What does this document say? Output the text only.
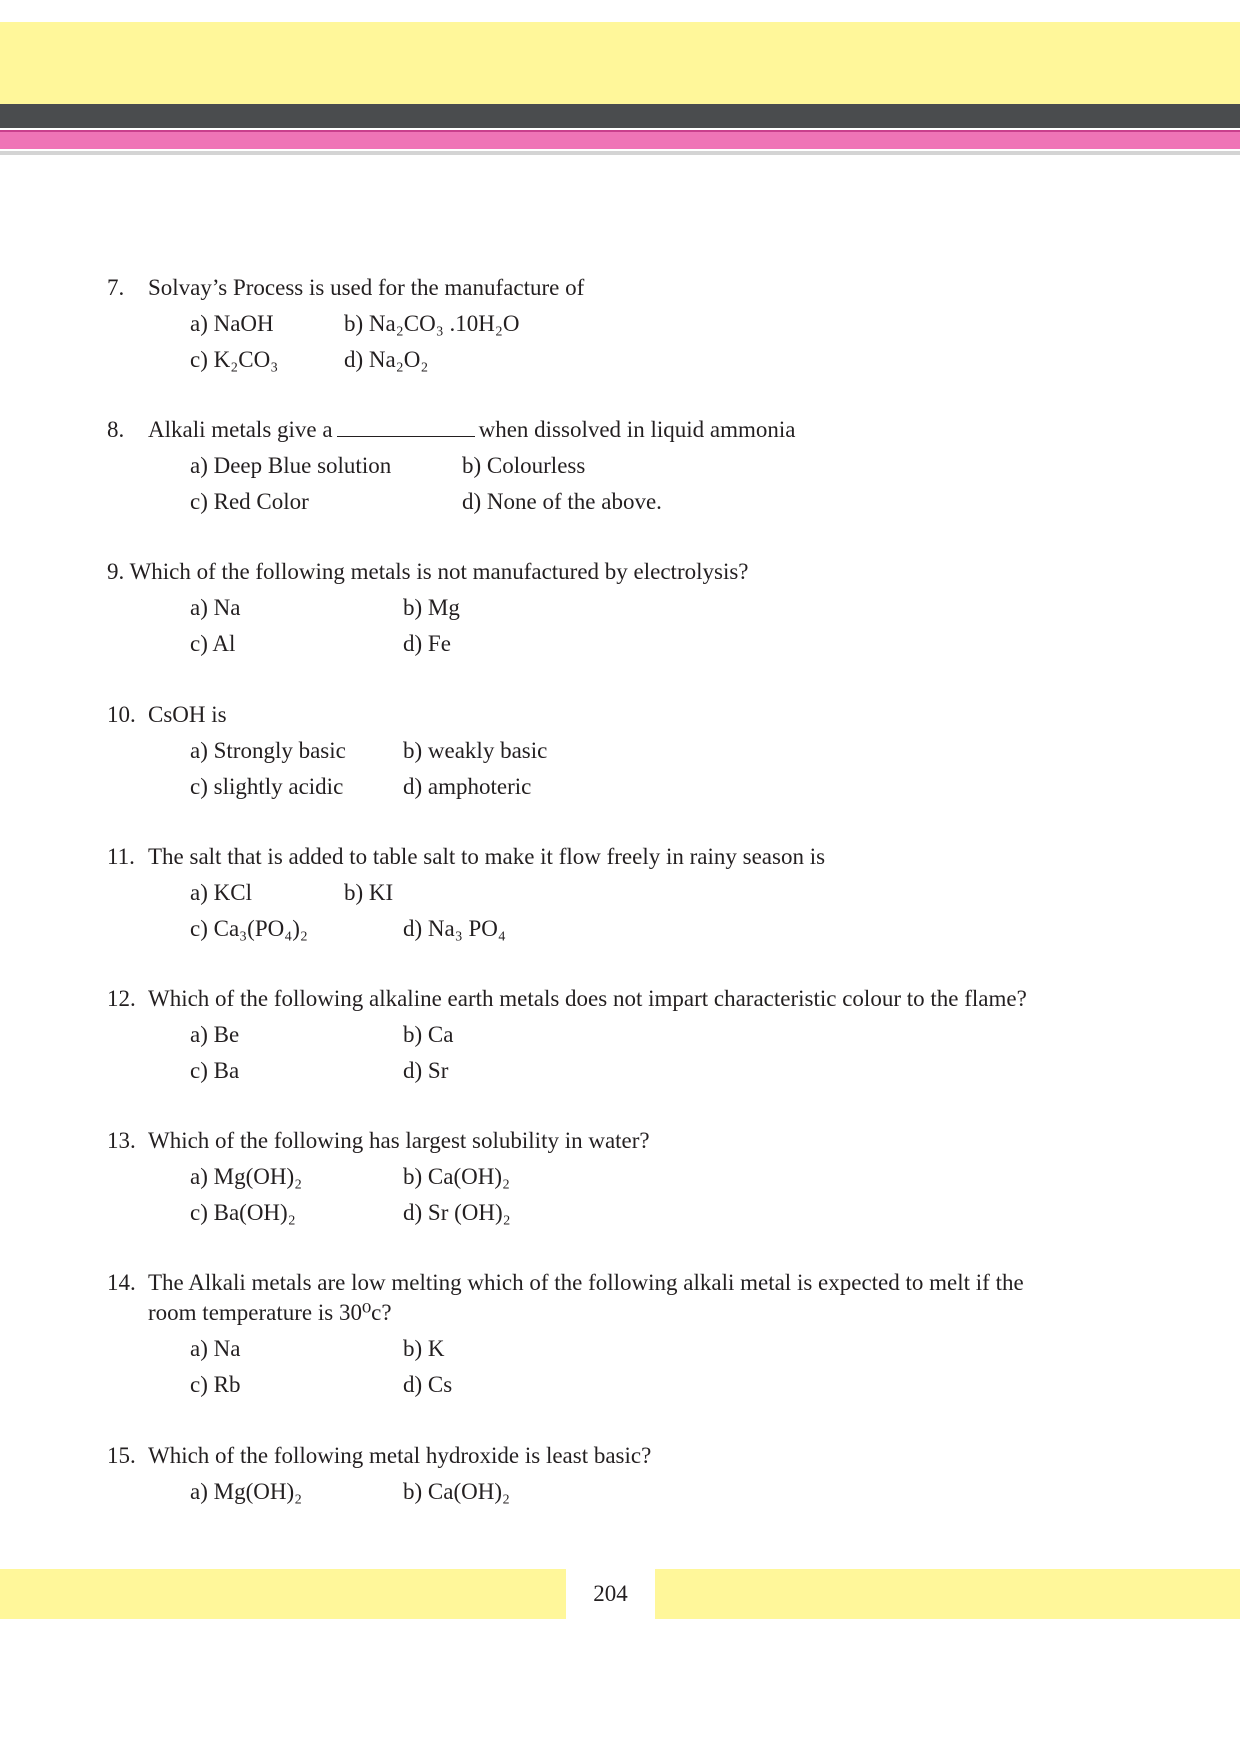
7. Solvay’s Process is used for the manufacture of
a) NaOH	b) Na₂CO₃ .10H₂O
c) K₂CO₃	d) Na₂O₂
8. Alkali metals give a	when dissolved in liquid ammonia
a) Deep Blue solution	b) Colourless
c) Red Color	d) None of the above.
9. Which of the following metals is not manufactured by electrolysis?
a) Na	b) Mg
c) Al	d) Fe
10. CsOH is
a) Strongly basic b) weakly basic
c) slightly acidic	d) amphoteric
11. The salt that is added to table salt to make it flow freely in rainy season is
a) KCl	b) KI
c) Ca₃(PO₄)₂	d) Na₃ PO₄
12. Which of the following alkaline earth metals does not impart characteristic colour to the flame?
a) Be	b) Ca
c) Ba	d) Sr
13. Which of the following has largest solubility in water?
a) Mg(OH)₂	b) Ca(OH)₂
c) Ba(OH)₂	d) Sr (OH)₂
14. The Alkali metals are low melting which of the following alkali metal is expected to melt if the
room temperature is 30⁰c?
a) Na	b) K
c) Rb	d) Cs
15. Which of the following metal hydroxide is least basic?
a) Mg(OH)₂	b) Ca(OH)₂
204
